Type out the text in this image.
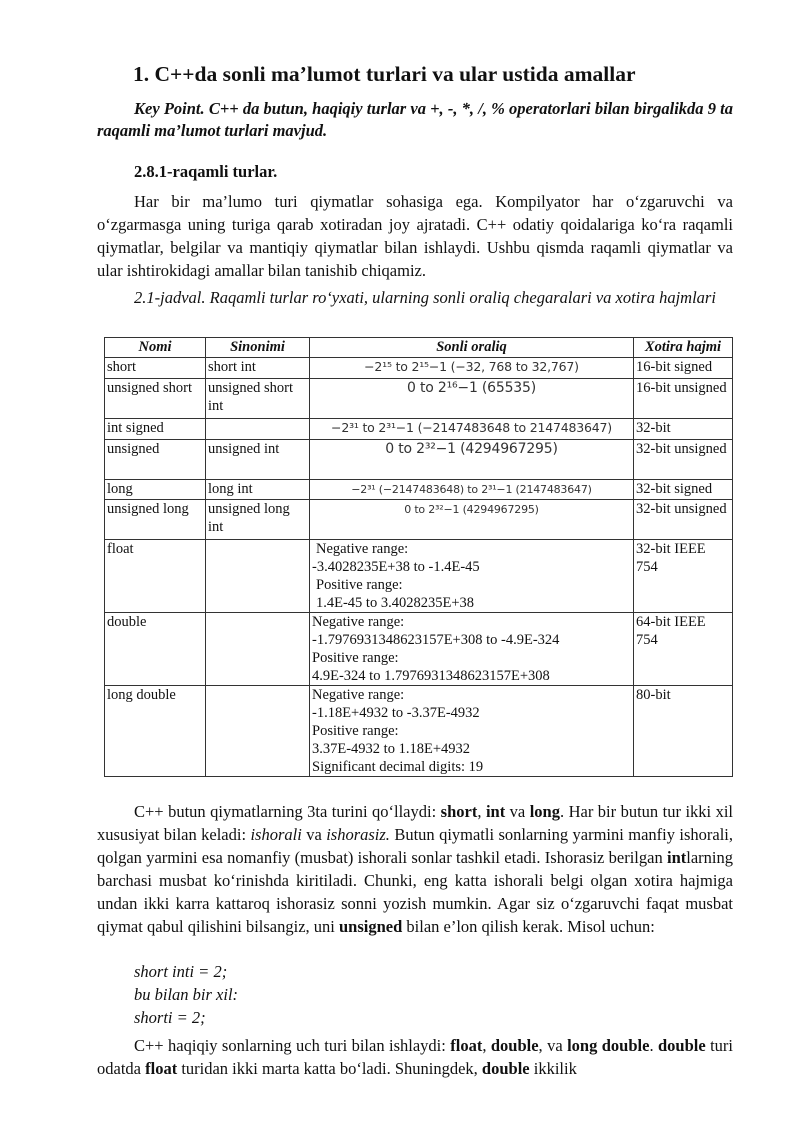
1. C++da sonli ma’lumot turlari va ular ustida amallar

Key Point. C++ da butun, haqiqiy turlar va +, -, *, /, % operatorlari bilan birgalikda 9 ta raqamli ma’lumot turlari mavjud.

2.8.1-raqamli turlar.

Har bir ma’lumo turi qiymatlar sohasiga ega. Kompilyator har o‘zgaruvchi va o‘zgarmasga uning turiga qarab xotiradan joy ajratadi. C++ odatiy qoidalariga ko‘ra raqamli qiymatlar, belgilar va mantiqiy qiymatlar bilan ishlaydi. Ushbu qismda raqamli qiymatlar va ular ishtirokidagi amallar bilan tanishib chiqamiz.

2.1-jadval. Raqamli turlar ro‘yxati, ularning sonli oraliq chegaralari va xotira hajmlari

Nomi	Sinonimi	Sonli oraliq	Xotira hajmi
short	short int	−2¹⁵ to 2¹⁵−1 (−32, 768 to 32,767)	16-bit signed
unsigned short	unsigned short int	0 to 2¹⁶−1 (65535)	16-bit unsigned
int signed		−2³¹ to 2³¹−1 (−2147483648 to 2147483647)	32-bit
unsigned	unsigned int	0 to 2³²−1 (4294967295)	32-bit unsigned
long	long int	−2³¹ (−2147483648) to 2³¹−1 (2147483647)	32-bit signed
unsigned long	unsigned long int	0 to 2³²−1 (4294967295)	32-bit unsigned
float		Negative range:
-3.4028235E+38 to -1.4E-45
Positive range:
1.4E-45 to 3.4028235E+38	32-bit IEEE 754
double		Negative range:
-1.7976931348623157E+308 to -4.9E-324
Positive range:
4.9E-324 to 1.7976931348623157E+308	64-bit IEEE 754
long double		Negative range:
-1.18E+4932 to -3.37E-4932
Positive range:
3.37E-4932 to 1.18E+4932
Significant decimal digits: 19	80-bit

C++ butun qiymatlarning 3ta turini qo‘llaydi: short, int va long. Har bir butun tur ikki xil xususiyat bilan keladi: ishorali va ishorasiz. Butun qiymatli sonlarning yarmini manfiy ishorali, qolgan yarmini esa nomanfiy (musbat) ishorali sonlar tashkil etadi. Ishorasiz berilgan intlarning barchasi musbat ko‘rinishda kiritiladi. Chunki, eng katta ishorali belgi olgan xotira hajmiga undan ikki karra kattaroq ishorasiz sonni yozish mumkin. Agar siz o‘zgaruvchi faqat musbat qiymat qabul qilishini bilsangiz, uni unsigned bilan e’lon qilish kerak. Misol uchun:

short inti = 2;
bu bilan bir xil:
shorti = 2;

C++ haqiqiy sonlarning uch turi bilan ishlaydi: float, double, va long double. double turi odatda float turidan ikki marta katta bo‘ladi. Shuningdek, double ikkilik
